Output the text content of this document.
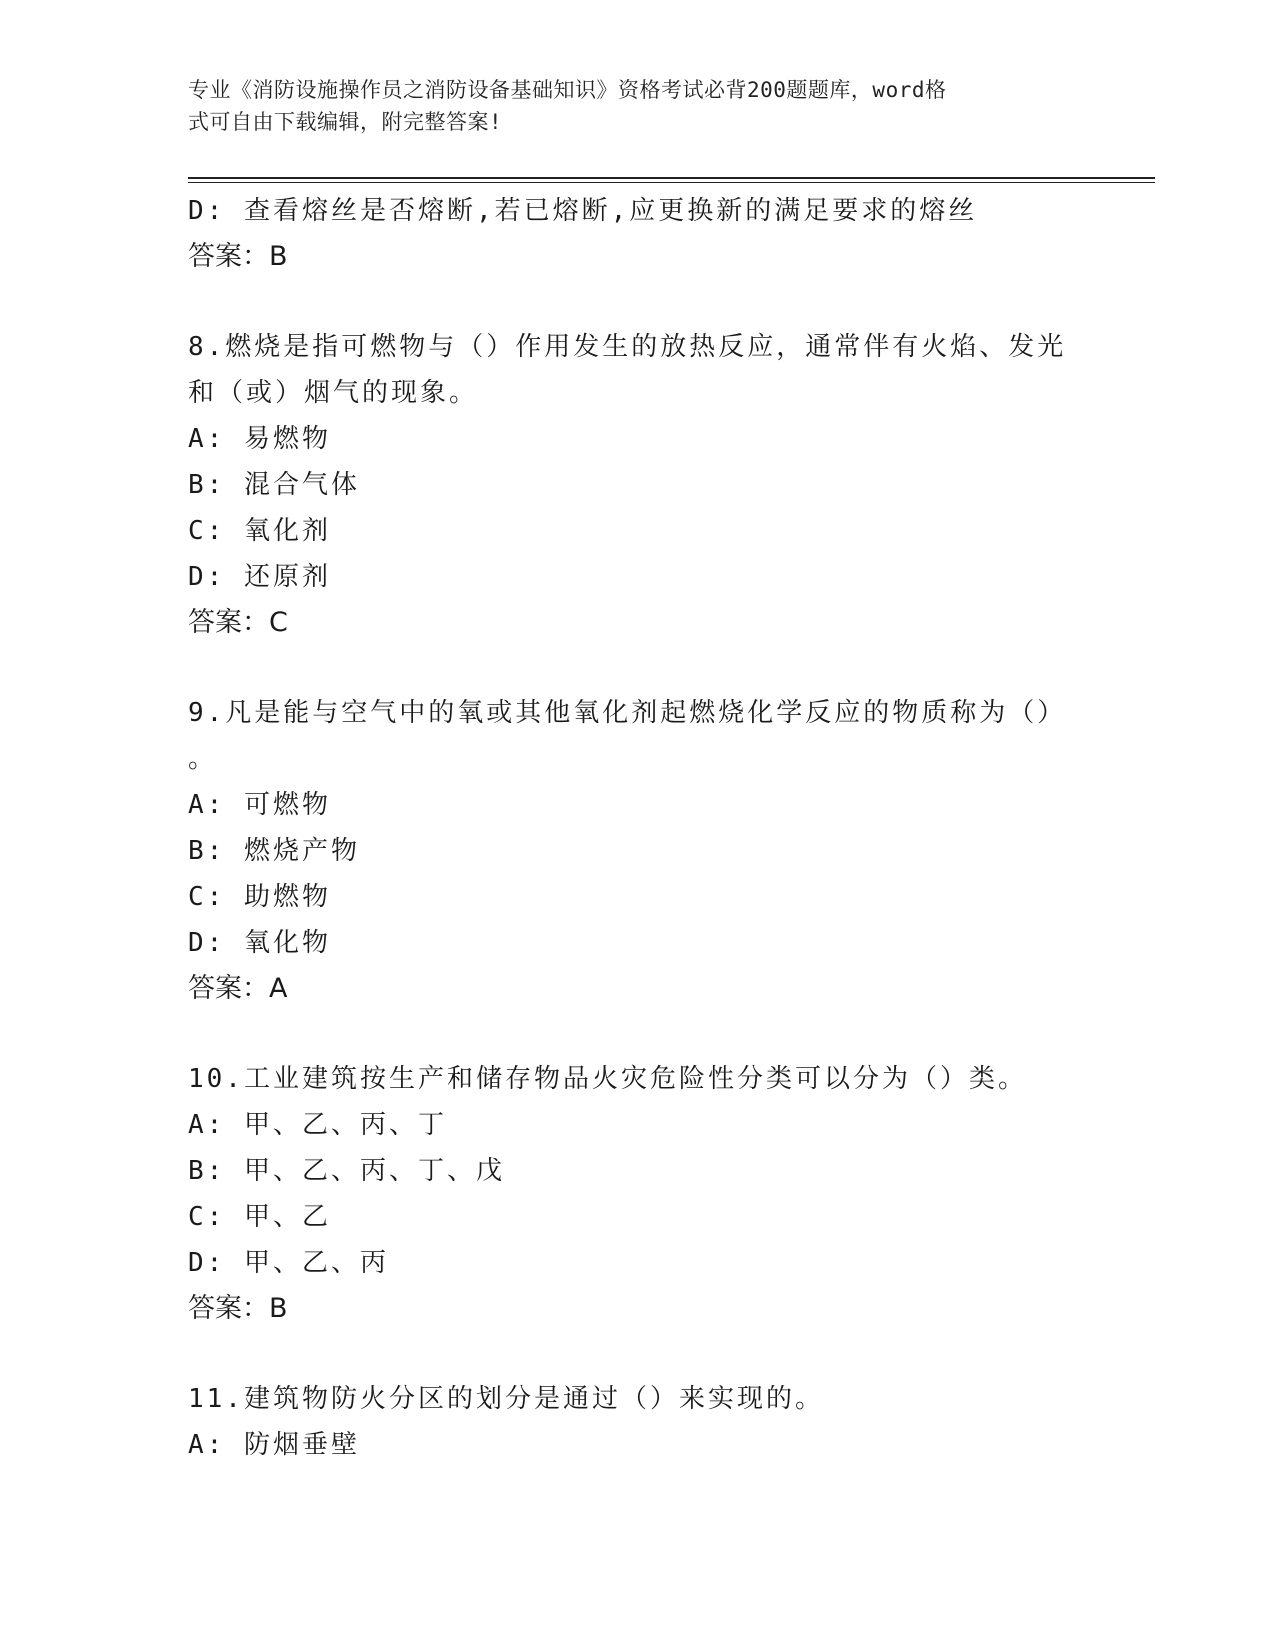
专业《消防设施操作员之消防设备基础知识》资格考试必背200题题库，word格
式可自由下载编辑，附完整答案!
D: 查看熔丝是否熔断,若已熔断,应更换新的满足要求的熔丝
答案：B
8.燃烧是指可燃物与（）作用发生的放热反应，通常伴有火焰、发光
和（或）烟气的现象。
A: 易燃物
B: 混合气体
C: 氧化剂
D: 还原剂
答案：C
9.凡是能与空气中的氧或其他氧化剂起燃烧化学反应的物质称为（）
。
A: 可燃物
B: 燃烧产物
C: 助燃物
D: 氧化物
答案：A
10.工业建筑按生产和储存物品火灾危险性分类可以分为（）类。
A: 甲、乙、丙、丁
B: 甲、乙、丙、丁、戊
C: 甲、乙
D: 甲、乙、丙
答案：B
11.建筑物防火分区的划分是通过（）来实现的。
A: 防烟垂壁
